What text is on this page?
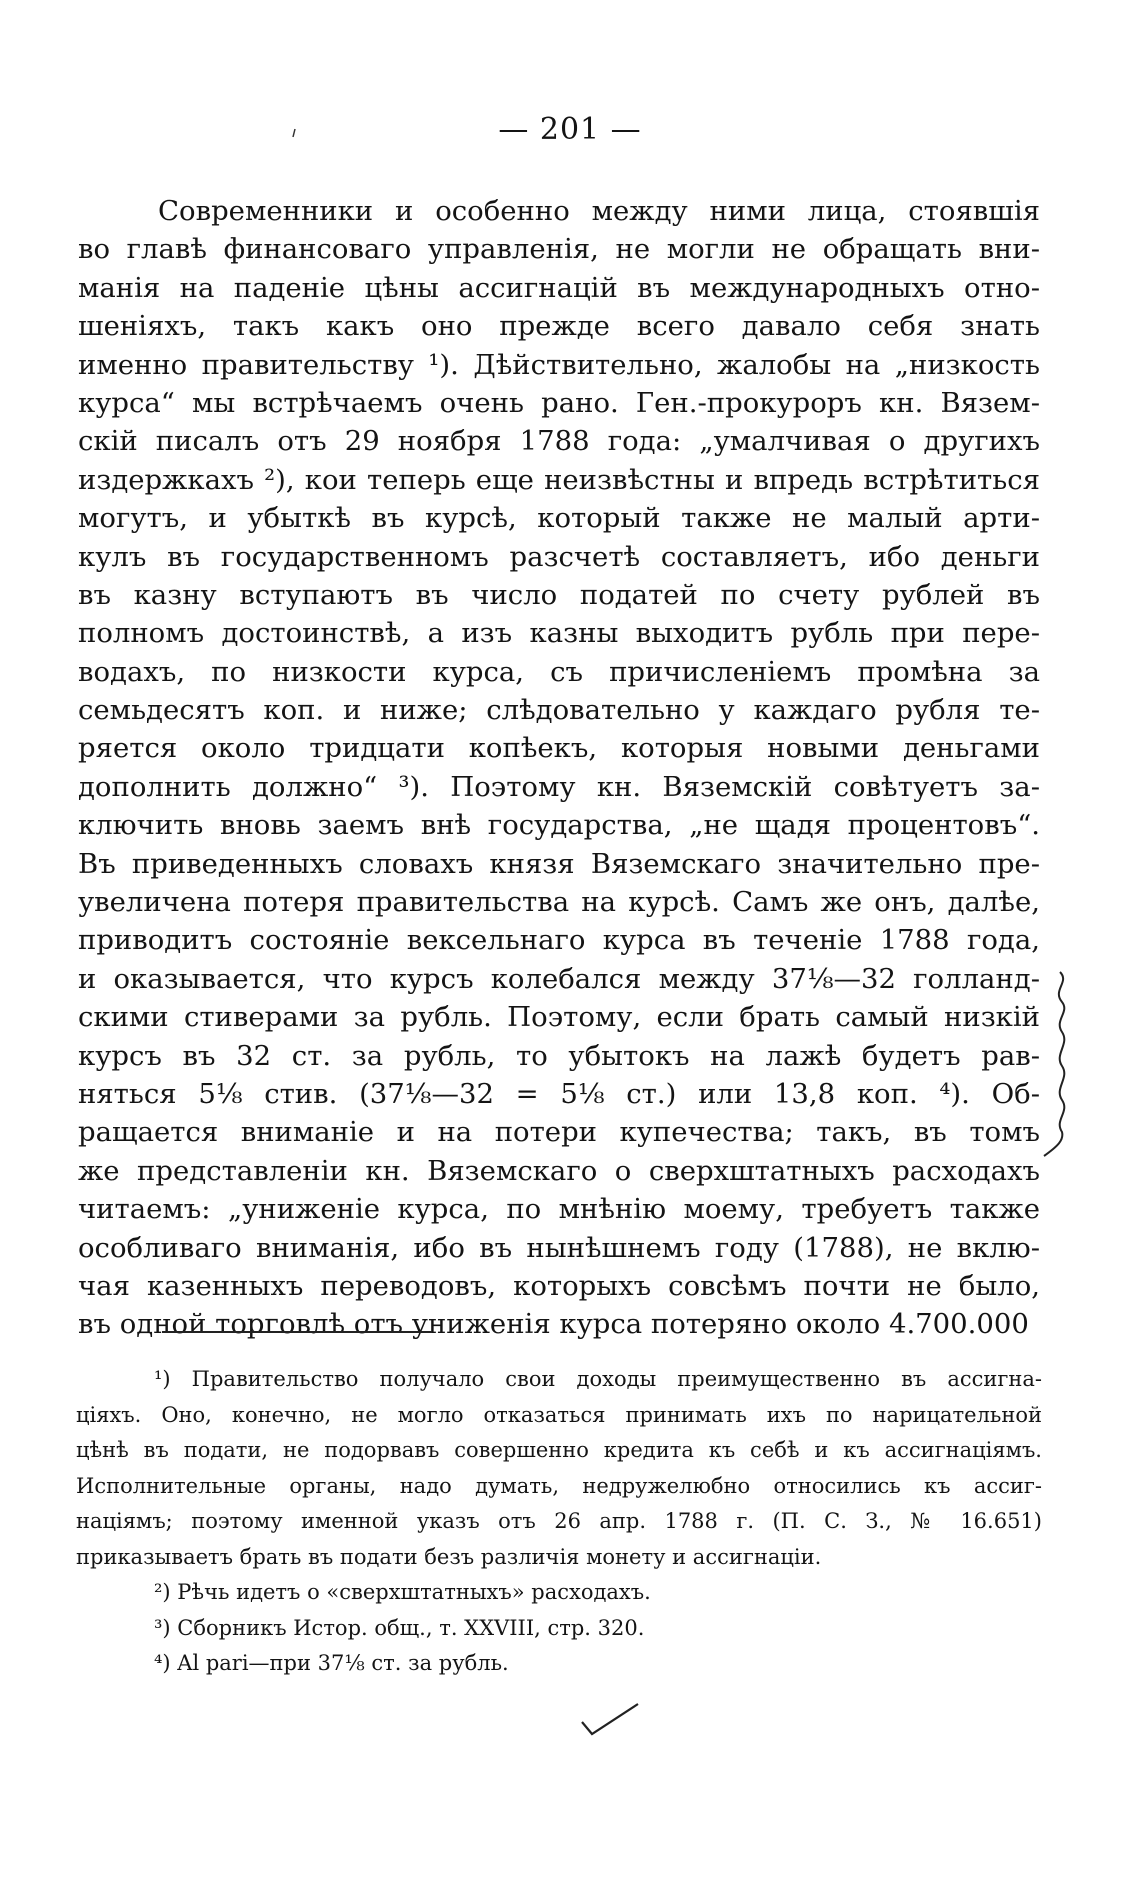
— 201 —
Современники и особенно между ними лица, стоявшія
во главѣ финансоваго управленія, не могли не обращать вни-
манія на паденіе цѣны ассигнацій въ международныхъ отно-
шеніяхъ, такъ какъ оно прежде всего давало себя знать
именно правительству ¹). Дѣйствительно, жалобы на „низкость
курса“ мы встрѣчаемъ очень рано. Ген.-прокуроръ кн. Вязем-
скій писалъ отъ 29 ноября 1788 года: „умалчивая о другихъ
издержкахъ ²), кои теперь еще неизвѣстны и впредь встрѣтиться
могутъ, и убыткѣ въ курсѣ, который также не малый арти-
кулъ въ государственномъ разсчетѣ составляетъ, ибо деньги
въ казну вступаютъ въ число податей по счету рублей въ
полномъ достоинствѣ, а изъ казны выходитъ рубль при пере-
водахъ, по низкости курса, съ причисленіемъ промѣна за
семьдесятъ коп. и ниже; слѣдовательно у каждаго рубля те-
ряется около тридцати копѣекъ, которыя новыми деньгами
дополнить должно“ ³). Поэтому кн. Вяземскій совѣтуетъ за-
ключить вновь заемъ внѣ государства, „не щадя процентовъ“.
Въ приведенныхъ словахъ князя Вяземскаго значительно пре-
увеличена потеря правительства на курсѣ. Самъ же онъ, далѣе,
приводитъ состояніе вексельнаго курса въ теченіе 1788 года,
и оказывается, что курсъ колебался между 37⅛—32 голланд-
скими стиверами за рубль. Поэтому, если брать самый низкій
курсъ въ 32 ст. за рубль, то убытокъ на лажѣ будетъ рав-
няться 5⅛ стив. (37⅛—32 = 5⅛ ст.) или 13,8 коп. ⁴). Об-
ращается вниманіе и на потери купечества; такъ, въ томъ
же представленіи кн. Вяземскаго о сверхштатныхъ расходахъ
читаемъ: „униженіе курса, по мнѣнію моему, требуетъ также
особливаго вниманія, ибо въ нынѣшнемъ году (1788), не вклю-
чая казенныхъ переводовъ, которыхъ совсѣмъ почти не было,
въ одной торговлѣ отъ униженія курса потеряно около 4.700.000
¹) Правительство получало свои доходы преимущественно въ ассигна-
ціяхъ. Оно, конечно, не могло отказаться принимать ихъ по нарицательной
цѣнѣ въ подати, не подорвавъ совершенно кредита къ себѣ и къ ассигнаціямъ.
Исполнительные органы, надо думать, недружелюбно относились къ ассиг-
націямъ; поэтому именной указъ отъ 26 апр. 1788 г. (П. С. З., № 16.651)
приказываетъ брать въ подати безъ различія монету и ассигнаціи.
²) Рѣчь идетъ о «сверхштатныхъ» расходахъ.
³) Сборникъ Истор. общ., т. XXVIII, стр. 320.
⁴) Al pari—при 37⅛ ст. за рубль.
